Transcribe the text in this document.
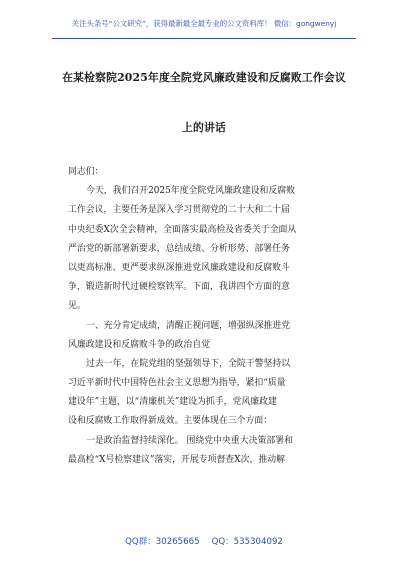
关注头条号“公文研究”，获得最新最全最专业的公文资料库！ 微信：gongwenyj
在某检察院2025年度全院党风廉政建设和反腐败工作会议
上的讲话
同志们：
今天，我们召开2025年度全院党风廉政建设和反腐败
工作会议，主要任务是深入学习贯彻党的二十大和二十届
中央纪委X次全会精神，全面落实最高检及省委关于全面从
严治党的新部署新要求，总结成绩、分析形势、部署任务
以更高标准、更严要求纵深推进党风廉政建设和反腐败斗
争，锻造新时代过硬检察铁军。下面，我讲四个方面的意
见。
一、充分肯定成绩，清醒正视问题，增强纵深推进党
风廉政建设和反腐败斗争的政治自觉
过去一年，在院党组的坚强领导下，全院干警坚持以
习近平新时代中国特色社会主义思想为指导，紧扣“质量
建设年”主题，以“清廉机关”建设为抓手，党风廉政建
设和反腐败工作取得新成效。主要体现在三个方面：
一是政治监督持续深化。 围绕党中央重大决策部署和
最高检“X号检察建议”落实，开展专项督查X次，推动解
QQ群：30265665 QQ：535304092
